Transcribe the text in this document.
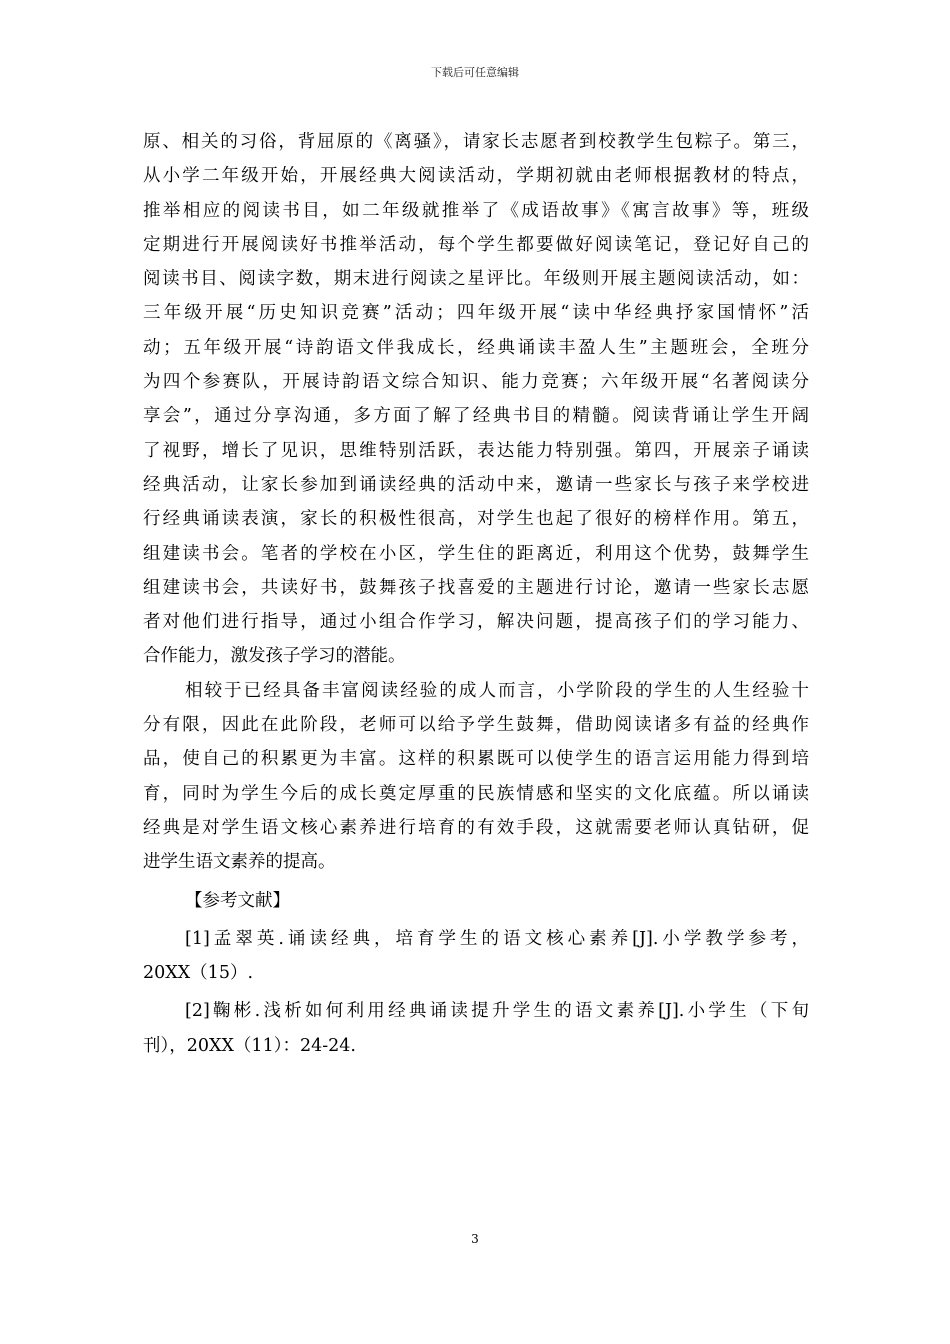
下载后可任意编辑
原、相关的习俗，背屈原的《离骚》，请家长志愿者到校教学生包粽子。第三，
从小学二年级开始，开展经典大阅读活动，学期初就由老师根据教材的特点，
推举相应的阅读书目，如二年级就推举了《成语故事》《寓言故事》等，班级
定期进行开展阅读好书推举活动，每个学生都要做好阅读笔记，登记好自己的
阅读书目、阅读字数，期末进行阅读之星评比。年级则开展主题阅读活动，如：
三年级开展“历史知识竞赛”活动；四年级开展“读中华经典抒家国情怀”活
动；五年级开展“诗韵语文伴我成长，经典诵读丰盈人生”主题班会，全班分
为四个参赛队，开展诗韵语文综合知识、能力竞赛；六年级开展“名著阅读分
享会”，通过分享沟通，多方面了解了经典书目的精髓。阅读背诵让学生开阔
了视野，增长了见识，思维特别活跃，表达能力特别强。第四，开展亲子诵读
经典活动，让家长参加到诵读经典的活动中来，邀请一些家长与孩子来学校进
行经典诵读表演，家长的积极性很高，对学生也起了很好的榜样作用。第五，
组建读书会。笔者的学校在小区，学生住的距离近，利用这个优势，鼓舞学生
组建读书会，共读好书，鼓舞孩子找喜爱的主题进行讨论，邀请一些家长志愿
者对他们进行指导，通过小组合作学习，解决问题，提高孩子们的学习能力、
合作能力，激发孩子学习的潜能。
相较于已经具备丰富阅读经验的成人而言，小学阶段的学生的人生经验十
分有限，因此在此阶段，老师可以给予学生鼓舞，借助阅读诸多有益的经典作
品，使自己的积累更为丰富。这样的积累既可以使学生的语言运用能力得到培
育，同时为学生今后的成长奠定厚重的民族情感和坚实的文化底蕴。所以诵读
经典是对学生语文核心素养进行培育的有效手段，这就需要老师认真钻研，促
进学生语文素养的提高。
【参考文献】
[1]孟翠英.诵读经典，培育学生的语文核心素养[J].小学教学参考，
20XX（15）.
[2]鞠彬.浅析如何利用经典诵读提升学生的语文素养[J].小学生（下旬
刊），20XX（11）：24-24.
3
